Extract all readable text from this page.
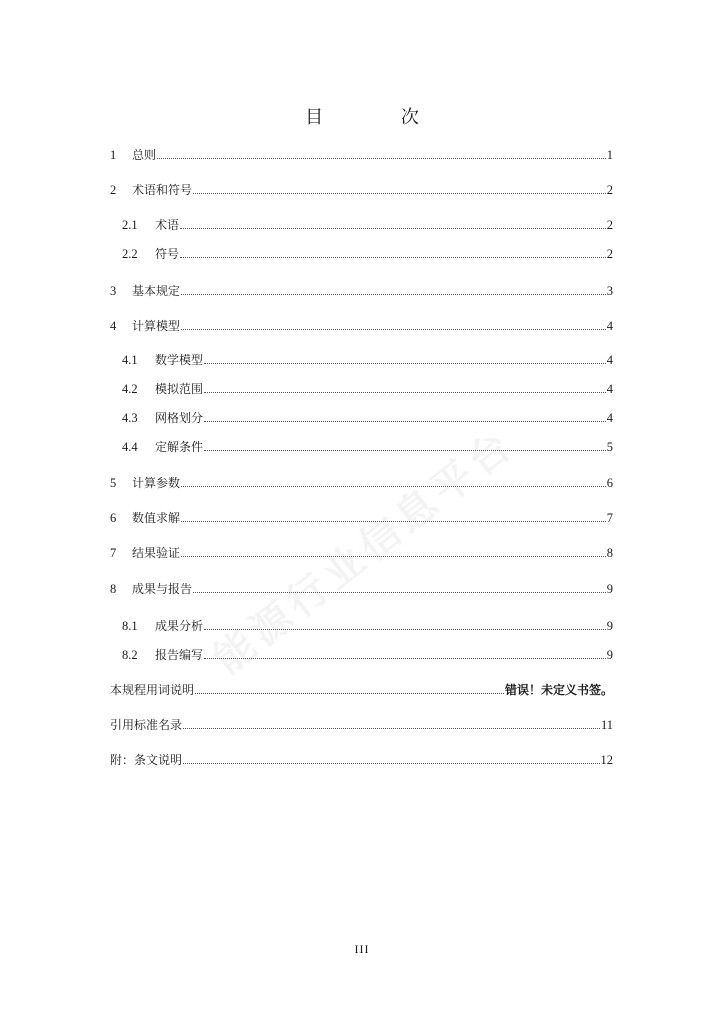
能源行业信息平台
目 次
1	总则	1
2	术语和符号	2
2.1	术语	2
2.2	符号	2
3	基本规定	3
4	计算模型	4
4.1	数学模型	4
4.2	模拟范围	4
4.3	网格划分	4
4.4	定解条件	5
5	计算参数	6
6	数值求解	7
7	结果验证	8
8	成果与报告	9
8.1	成果分析	9
8.2	报告编写	9
本规程用词说明	错误！未定义书签。
引用标准名录	11
附：条文说明	12
III
